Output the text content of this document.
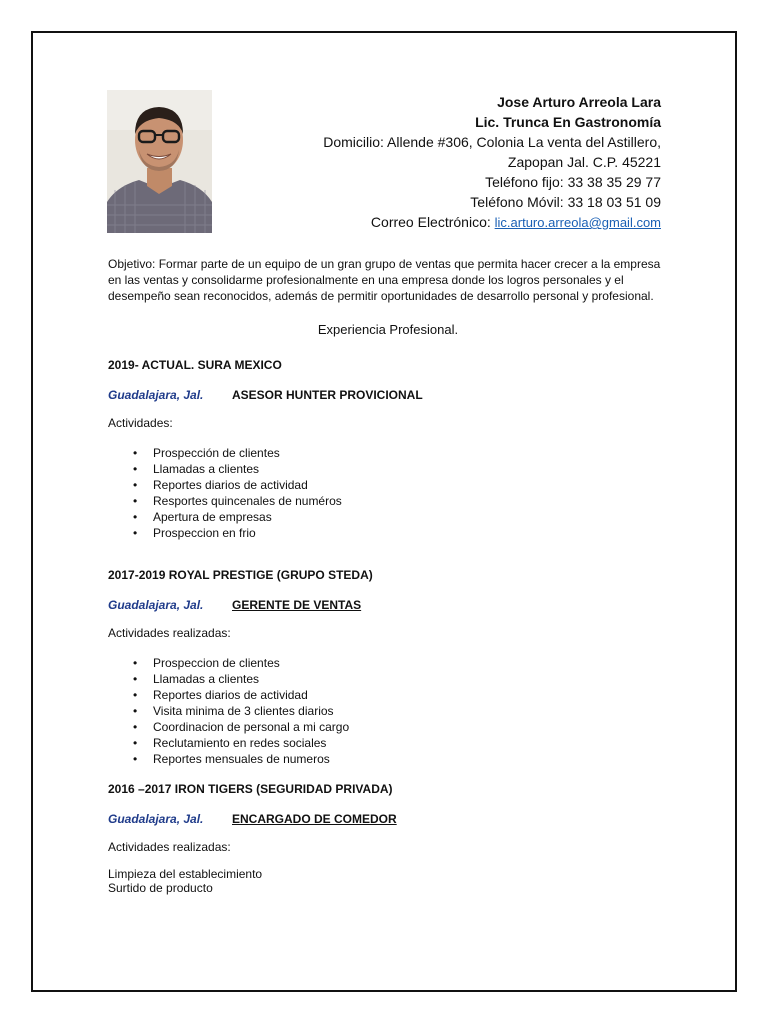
Jose Arturo Arreola Lara
Lic. Trunca En Gastronomía
Domicilio: Allende #306, Colonia La venta del Astillero,
Zapopan Jal. C.P. 45221
Teléfono fijo: 33 38 35 29 77
Teléfono Móvil: 33 18 03 51 09
Correo Electrónico: lic.arturo.arreola@gmail.com

Objetivo: Formar parte de un equipo de un gran grupo de ventas que permita hacer crecer a la empresa en las ventas y consolidarme profesionalmente en una empresa donde los logros personales y el desempeño sean reconocidos, además de permitir oportunidades de desarrollo personal y profesional.

Experiencia Profesional.
2019- ACTUAL. SURA MEXICO
Guadalajara, Jal. ASESOR HUNTER PROVICIONAL
Actividades:
• Prospección de clientes
• Llamadas a clientes
• Reportes diarios de actividad
• Resportes quincenales de numéros
• Apertura de empresas
• Prospeccion en frio
2017-2019 ROYAL PRESTIGE (GRUPO STEDA)
Guadalajara, Jal. GERENTE DE VENTAS
Actividades realizadas:
• Prospeccion de clientes
• Llamadas a clientes
• Reportes diarios de actividad
• Visita minima de 3 clientes diarios
• Coordinacion de personal a mi cargo
• Reclutamiento en redes sociales
• Reportes mensuales de numeros
2016 –2017 IRON TIGERS (SEGURIDAD PRIVADA)
Guadalajara, Jal. ENCARGADO DE COMEDOR
Actividades realizadas:
Limpieza del establecimiento
Surtido de producto
